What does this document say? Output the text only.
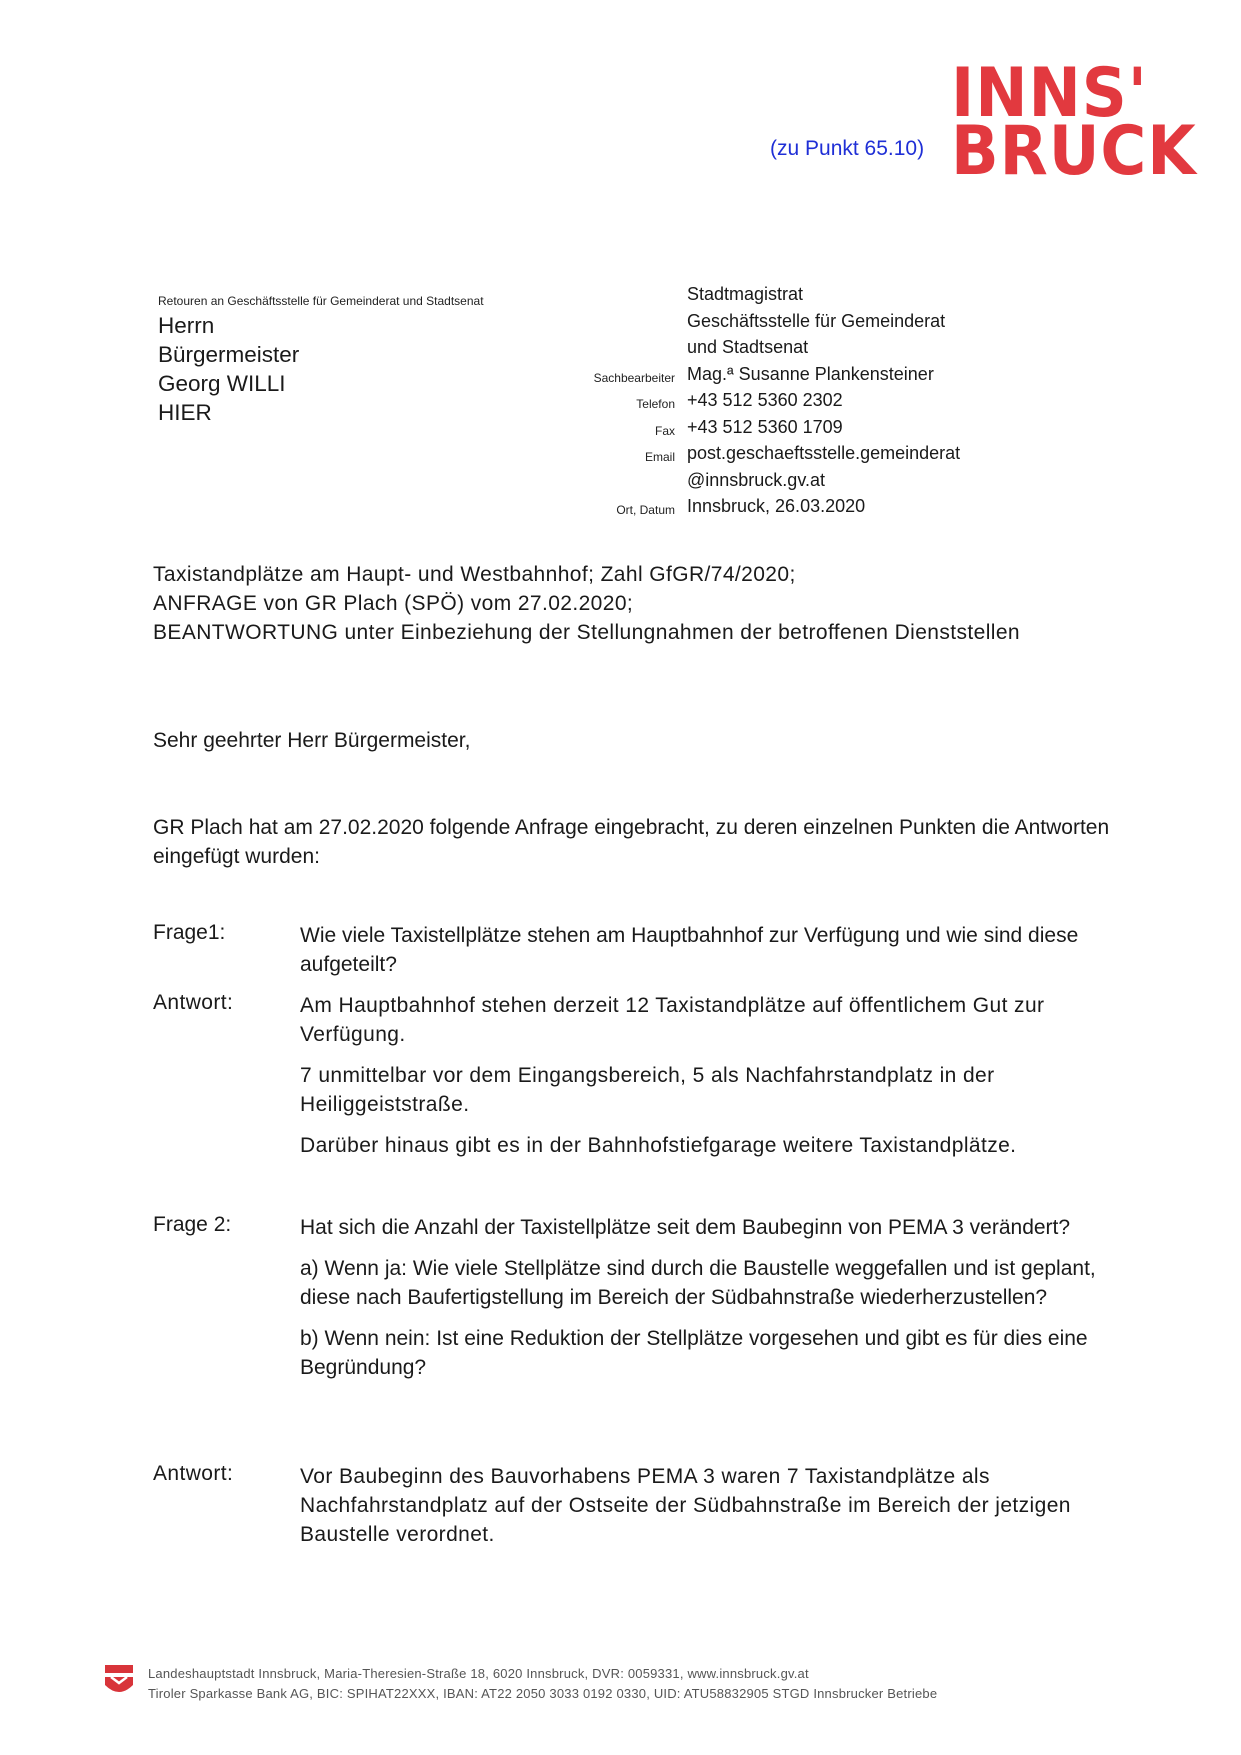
(zu Punkt 65.10)
INNS'
BRUCK
Retouren an Geschäftsstelle für Gemeinderat und Stadtsenat
Herrn
Bürgermeister
Georg WILLI
HIER
Stadtmagistrat
Geschäftsstelle für Gemeinderat
und Stadtsenat
Sachbearbeiter Mag.ª Susanne Plankensteiner
Telefon +43 512 5360 2302
Fax +43 512 5360 1709
Email post.geschaeftsstelle.gemeinderat
@innsbruck.gv.at
Ort, Datum Innsbruck, 26.03.2020
Taxistandplätze am Haupt- und Westbahnhof; Zahl GfGR/74/2020;
ANFRAGE von GR Plach (SPÖ) vom 27.02.2020;
BEANTWORTUNG unter Einbeziehung der Stellungnahmen der betroffenen Dienststellen
Sehr geehrter Herr Bürgermeister,
GR Plach hat am 27.02.2020 folgende Anfrage eingebracht, zu deren einzelnen Punkten die Antworten eingefügt wurden:
Frage1:	Wie viele Taxistellplätze stehen am Hauptbahnhof zur Verfügung und wie sind diese aufgeteilt?

Antwort:	Am Hauptbahnhof stehen derzeit 12 Taxistandplätze auf öffentlichem Gut zur Verfügung.

7 unmittelbar vor dem Eingangsbereich, 5 als Nachfahrstandplatz in der Heiliggeiststraße.

Darüber hinaus gibt es in der Bahnhofstiefgarage weitere Taxistandplätze.

Frage 2:	Hat sich die Anzahl der Taxistellplätze seit dem Baubeginn von PEMA 3 verändert?

a) Wenn ja: Wie viele Stellplätze sind durch die Baustelle weggefallen und ist geplant, diese nach Baufertigstellung im Bereich der Südbahnstraße wiederherzustellen?

b) Wenn nein: Ist eine Reduktion der Stellplätze vorgesehen und gibt es für dies eine Begründung?

Antwort:	Vor Baubeginn des Bauvorhabens PEMA 3 waren 7 Taxistandplätze als Nachfahrstandplatz auf der Ostseite der Südbahnstraße im Bereich der jetzigen Baustelle verordnet.

Landeshauptstadt Innsbruck, Maria-Theresien-Straße 18, 6020 Innsbruck, DVR: 0059331, www.innsbruck.gv.at
Tiroler Sparkasse Bank AG, BIC: SPIHAT22XXX, IBAN: AT22 2050 3033 0192 0330, UID: ATU58832905 STGD Innsbrucker Betriebe
